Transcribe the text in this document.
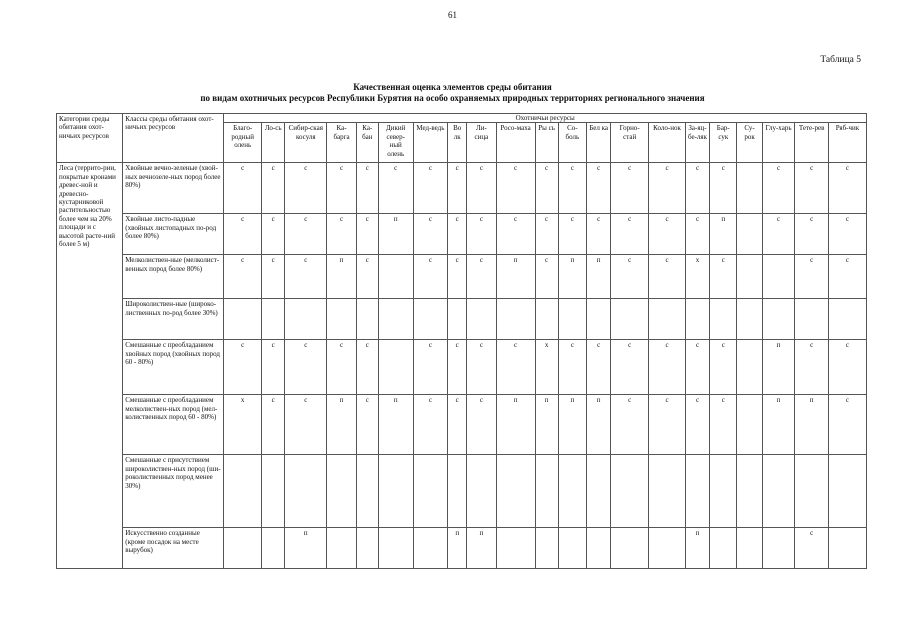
61
Таблица 5
Качественная оценка элементов среды обитания
по видам охотничьих ресурсов Республики Бурятия на особо охраняемых природных территориях регионального значения
Категории среды обитания охот-ничьих ресурсов	Классы среды обитания охот-ничьих ресурсов	Охотничьи ресурсы																				
		Благо-родный олень	Ло-сь	Сибир-ская косуля	Ка-барга	Ка-бан	Дикий север-ный олень	Мед-ведь	Во лк	Ли-сица	Росо-маха	Ры сь	Со-боль	Бел ка	Горно-стай	Коло-нок	За-яц-бе-ляк	Бар-сук	Су-рок	Глу-харь	Тете-рев	Ряб-чик
Леса (террито-рии, покрытые кронами древес-ной и древесно-кустарниковой растительностью более чем на 20% площади и с высотой расте-ний более 5 м)	Хвойные вечно-зеленые (хвой-ных вечнозеле-ных пород более 80%)	с	с	с	с	с	с	с	с	с	с	с	с	с	с	с	с	с		с	с	с
	Хвойные листо-падные (хвойных листопадных по-род более 80%)	с	с	с	с	с	п	с	с	с	с	с	с	с	с	с	с	п		с	с	с
	Мелколиствен-ные (мелколист-венных пород более 80%)	с	с	с	п	с		с	с	с	п	с	п	п	с	с	х	с			с	с
	Широколиствен-ные (широко-лиственных по-род более 30%)																					
	Смешанные с преобладанием хвойных пород (хвойных пород 60 - 80%)	с	с	с	с	с		с	с	с	с	х	с	с	с	с	с	с		п	с	с
	Смешанные с преобладанием мелколиствен-ных пород (мел-колиственных пород 60 - 80%)	х	с	с	п	с	п	с	с	с	п	п	п	п	с	с	с	с		п	п	с
	Смешанные с присутствием широколиствен-ных пород (ши-роколиственных пород менее 30%)																					
	Искусственно созданные (кроме посадок на месте вырубок)			п					п	п							п				с	
